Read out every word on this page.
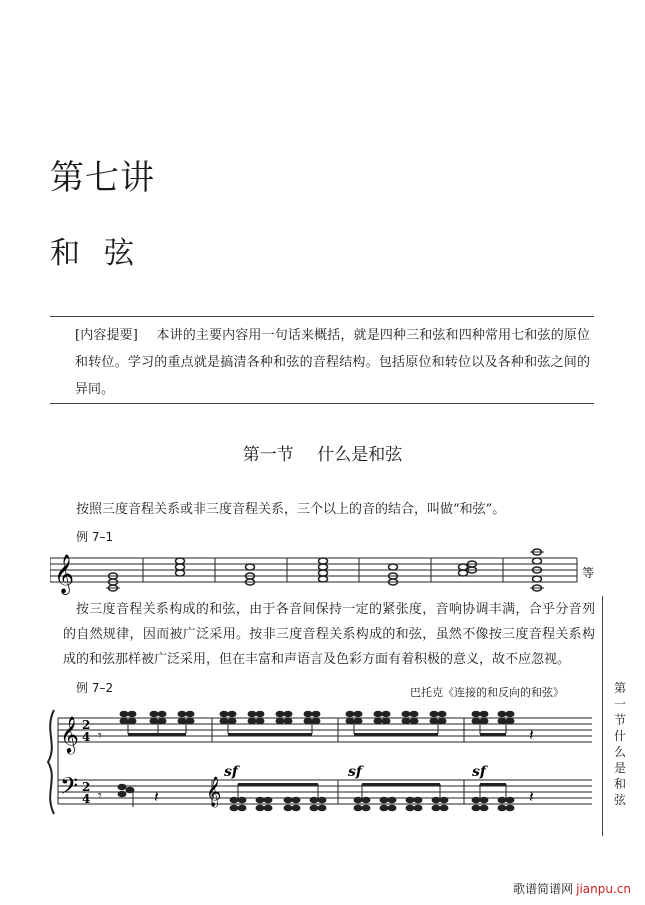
第七讲
和弦
[内容提要] 本讲的主要内容用一句话来概括，就是四种三和弦和四种常用七和弦的原位和转位。学习的重点就是搞清各种和弦的音程结构。包括原位和转位以及各种和弦之间的异同。
第一节 什么是和弦
按照三度音程关系或非三度音程关系，三个以上的音的结合，叫做“和弦”。
例 7–1
𝄞	等
按三度音程关系构成的和弦，由于各音间保持一定的紧张度，音响协调丰满，合乎分音列的自然规律，因而被广泛采用。按非三度音程关系构成的和弦，虽然不像按三度音程关系构成的和弦那样被广泛采用，但在丰富和声语言及色彩方面有着积极的意义，故不应忽视。
例 7–2	巴托克《连接的和反向的和弦》
𝄞
𝄢	𝄞
2
4
2
4
𝄾
𝄾	𝄽
𝄽
𝄽
sf	sf	sf
第一节　什么是和弦
歌谱简谱网 jianpu.cn
